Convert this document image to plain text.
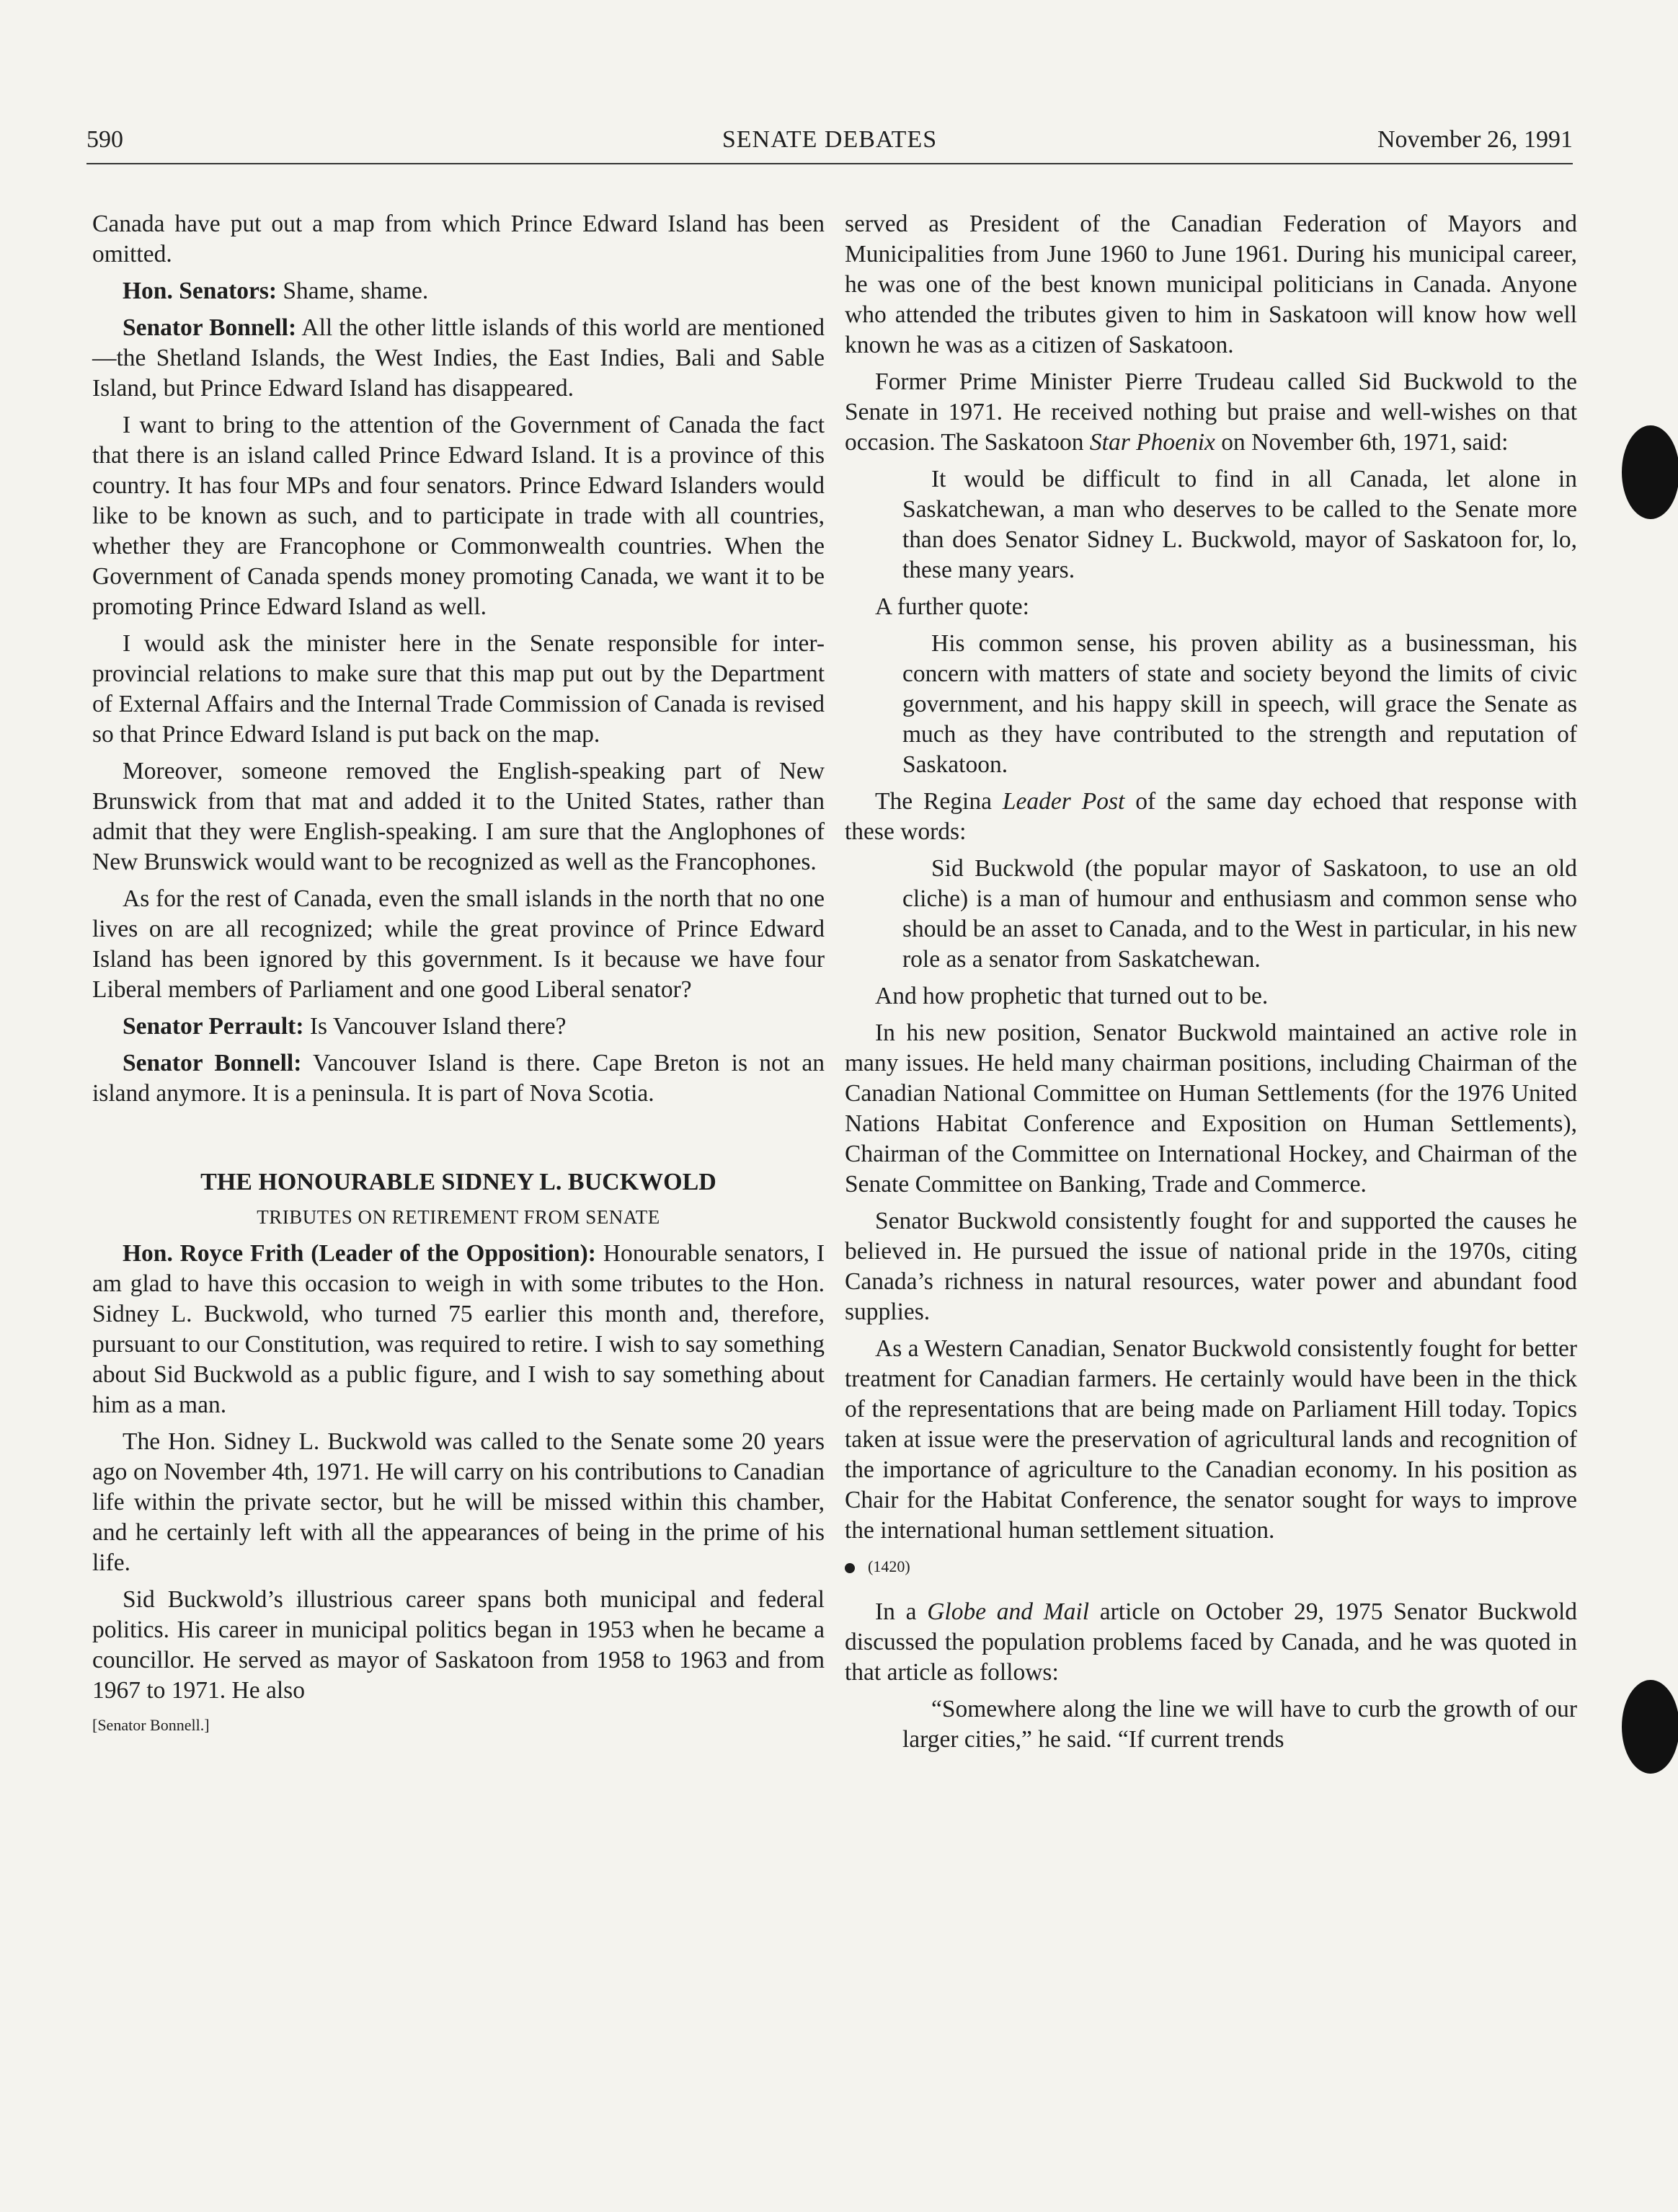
590	SENATE DEBATES	November 26, 1991

Canada have put out a map from which Prince Edward Island has been omitted.

Hon. Senators: Shame, shame.

Senator Bonnell: All the other little islands of this world are mentioned—the Shetland Islands, the West Indies, the East Indies, Bali and Sable Island, but Prince Edward Island has disappeared.

I want to bring to the attention of the Government of Canada the fact that there is an island called Prince Edward Island. It is a province of this country. It has four MPs and four senators. Prince Edward Islanders would like to be known as such, and to participate in trade with all countries, whether they are Francophone or Commonwealth countries. When the Government of Canada spends money promoting Canada, we want it to be promoting Prince Edward Island as well.

I would ask the minister here in the Senate responsible for inter-provincial relations to make sure that this map put out by the Department of External Affairs and the Internal Trade Commission of Canada is revised so that Prince Edward Island is put back on the map.

Moreover, someone removed the English-speaking part of New Brunswick from that mat and added it to the United States, rather than admit that they were English-speaking. I am sure that the Anglophones of New Brunswick would want to be recognized as well as the Francophones.

As for the rest of Canada, even the small islands in the north that no one lives on are all recognized; while the great province of Prince Edward Island has been ignored by this government. Is it because we have four Liberal members of Parliament and one good Liberal senator?

Senator Perrault: Is Vancouver Island there?

Senator Bonnell: Vancouver Island is there. Cape Breton is not an island anymore. It is a peninsula. It is part of Nova Scotia.

THE HONOURABLE SIDNEY L. BUCKWOLD
TRIBUTES ON RETIREMENT FROM SENATE

Hon. Royce Frith (Leader of the Opposition): Honourable senators, I am glad to have this occasion to weigh in with some tributes to the Hon. Sidney L. Buckwold, who turned 75 earlier this month and, therefore, pursuant to our Constitution, was required to retire. I wish to say something about Sid Buckwold as a public figure, and I wish to say something about him as a man.

The Hon. Sidney L. Buckwold was called to the Senate some 20 years ago on November 4th, 1971. He will carry on his contributions to Canadian life within the private sector, but he will be missed within this chamber, and he certainly left with all the appearances of being in the prime of his life.

Sid Buckwold’s illustrious career spans both municipal and federal politics. His career in municipal politics began in 1953 when he became a councillor. He served as mayor of Saskatoon from 1958 to 1963 and from 1967 to 1971. He also

[Senator Bonnell.]

served as President of the Canadian Federation of Mayors and Municipalities from June 1960 to June 1961. During his municipal career, he was one of the best known municipal politicians in Canada. Anyone who attended the tributes given to him in Saskatoon will know how well known he was as a citizen of Saskatoon.

Former Prime Minister Pierre Trudeau called Sid Buckwold to the Senate in 1971. He received nothing but praise and well-wishes on that occasion. The Saskatoon Star Phoenix on November 6th, 1971, said:

It would be difficult to find in all Canada, let alone in Saskatchewan, a man who deserves to be called to the Senate more than does Senator Sidney L. Buckwold, mayor of Saskatoon for, lo, these many years.

A further quote:

His common sense, his proven ability as a businessman, his concern with matters of state and society beyond the limits of civic government, and his happy skill in speech, will grace the Senate as much as they have contributed to the strength and reputation of Saskatoon.

The Regina Leader Post of the same day echoed that response with these words:

Sid Buckwold (the popular mayor of Saskatoon, to use an old cliche) is a man of humour and enthusiasm and common sense who should be an asset to Canada, and to the West in particular, in his new role as a senator from Saskatchewan.

And how prophetic that turned out to be.

In his new position, Senator Buckwold maintained an active role in many issues. He held many chairman positions, including Chairman of the Canadian National Committee on Human Settlements (for the 1976 United Nations Habitat Conference and Exposition on Human Settlements), Chairman of the Committee on International Hockey, and Chairman of the Senate Committee on Banking, Trade and Commerce.

Senator Buckwold consistently fought for and supported the causes he believed in. He pursued the issue of national pride in the 1970s, citing Canada’s richness in natural resources, water power and abundant food supplies.

As a Western Canadian, Senator Buckwold consistently fought for better treatment for Canadian farmers. He certainly would have been in the thick of the representations that are being made on Parliament Hill today. Topics taken at issue were the preservation of agricultural lands and recognition of the importance of agriculture to the Canadian economy. In his position as Chair for the Habitat Conference, the senator sought for ways to improve the international human settlement situation.

(1420)

In a Globe and Mail article on October 29, 1975 Senator Buckwold discussed the population problems faced by Canada, and he was quoted in that article as follows:

“Somewhere along the line we will have to curb the growth of our larger cities,” he said. “If current trends
